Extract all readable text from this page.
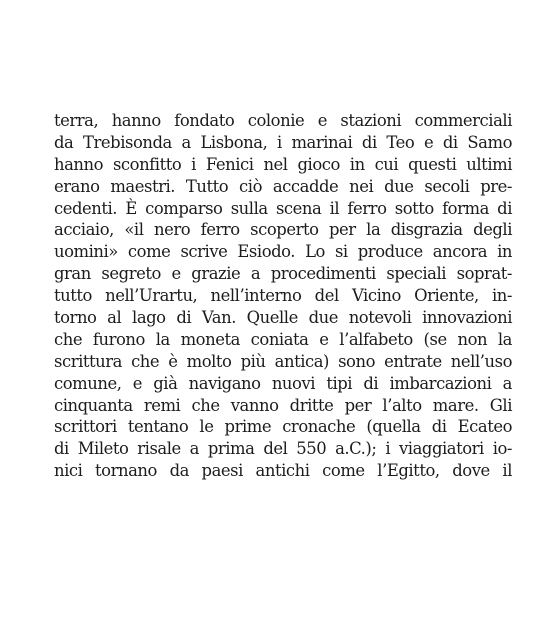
terra, hanno fondato colonie e stazioni commerciali
da Trebisonda a Lisbona, i marinai di Teo e di Samo
hanno sconfitto i Fenici nel gioco in cui questi ultimi
erano maestri. Tutto ciò accadde nei due secoli pre-
cedenti. È comparso sulla scena il ferro sotto forma di
acciaio, «il nero ferro scoperto per la disgrazia degli
uomini» come scrive Esiodo. Lo si produce ancora in
gran segreto e grazie a procedimenti speciali soprat-
tutto nell’Urartu, nell’interno del Vicino Oriente, in-
torno al lago di Van. Quelle due notevoli innovazioni
che furono la moneta coniata e l’alfabeto (se non la
scrittura che è molto più antica) sono entrate nell’uso
comune, e già navigano nuovi tipi di imbarcazioni a
cinquanta remi che vanno dritte per l’alto mare. Gli
scrittori tentano le prime cronache (quella di Ecateo
di Mileto risale a prima del 550 a.C.); i viaggiatori io-
nici tornano da paesi antichi come l’Egitto, dove il
